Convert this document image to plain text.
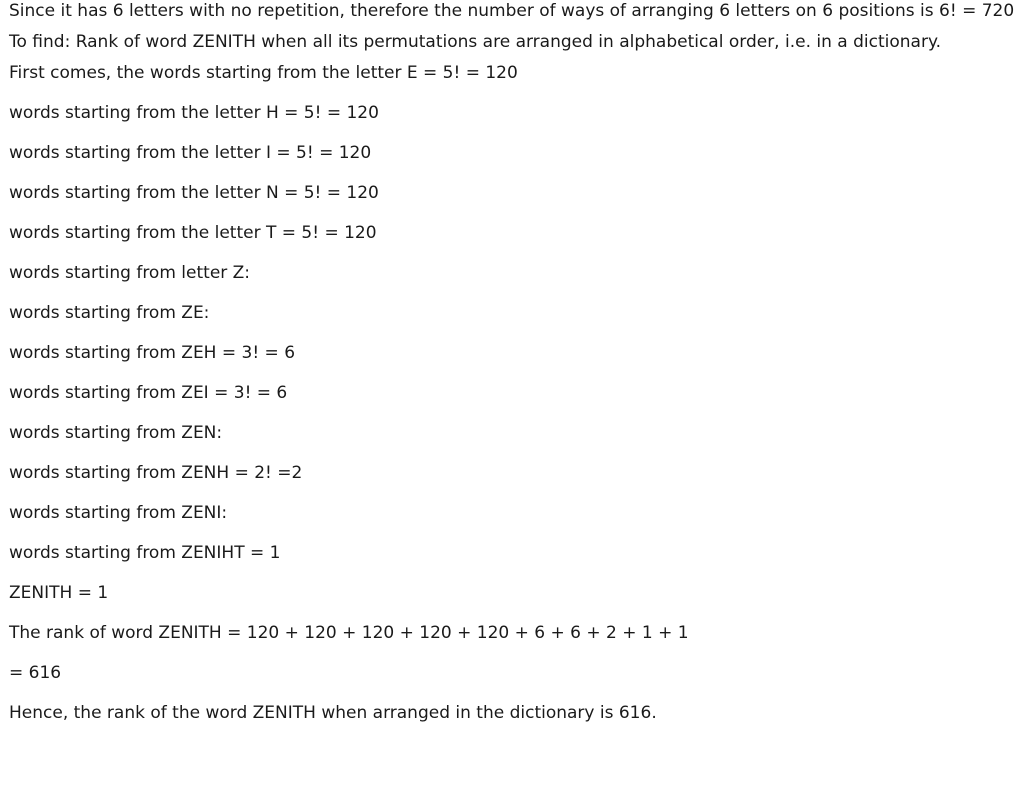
Since it has 6 letters with no repetition, therefore the number of ways of arranging 6 letters on 6 positions is 6! = 720

To find: Rank of word ZENITH when all its permutations are arranged in alphabetical order, i.e. in a dictionary.

First comes, the words starting from the letter E = 5! = 120
words starting from the letter H = 5! = 120
words starting from the letter I = 5! = 120
words starting from the letter N = 5! = 120
words starting from the letter T = 5! = 120
words starting from letter Z:
words starting from ZE:
words starting from ZEH = 3! = 6
words starting from ZEI = 3! = 6
words starting from ZEN:
words starting from ZENH = 2! =2
words starting from ZENI:
words starting from ZENIHT = 1
ZENITH = 1
The rank of word ZENITH = 120 + 120 + 120 + 120 + 120 + 6 + 6 + 2 + 1 + 1
= 616
Hence, the rank of the word ZENITH when arranged in the dictionary is 616.
